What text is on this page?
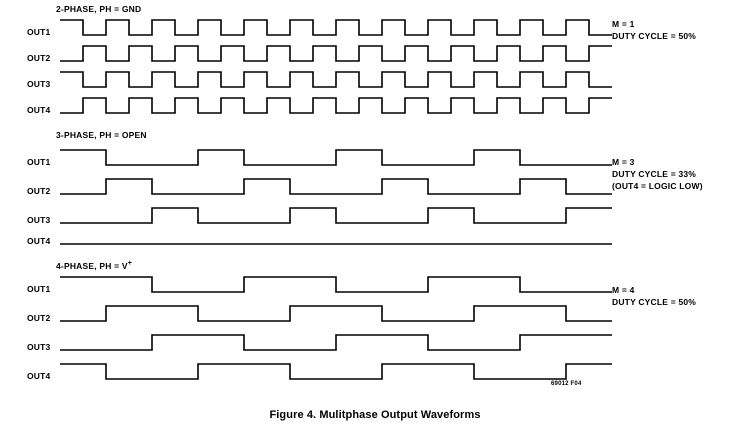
2-PHASE, PH = GND
3-PHASE, PH = OPEN
4-PHASE, PH = V+
OUT1
OUT2
OUT3
OUT4
OUT1
OUT2
OUT3
OUT4
OUT1
OUT2
OUT3
OUT4
M = 1
DUTY CYCLE = 50%
M = 3
DUTY CYCLE = 33%
(OUT4 = LOGIC LOW)
M = 4
DUTY CYCLE = 50%
69012 F04
Figure 4. Mulitphase Output Waveforms
